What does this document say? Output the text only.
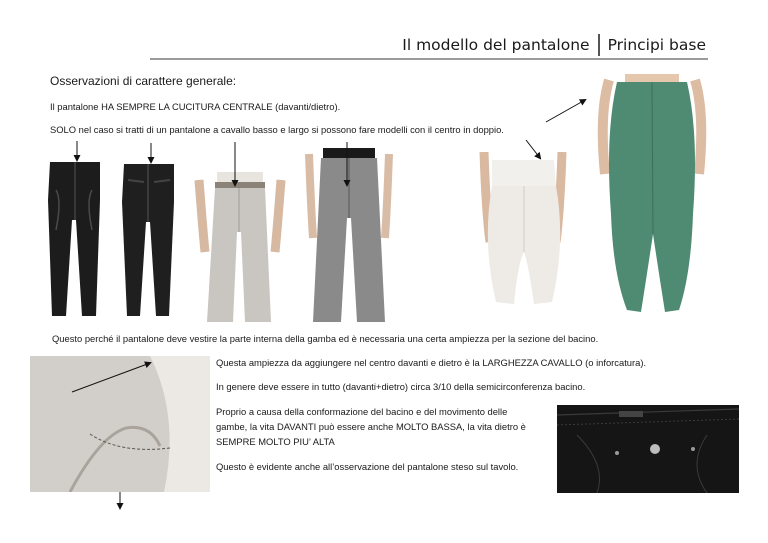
Il modello del pantalone Principi base
Osservazioni di carattere generale:
Il pantalone HA SEMPRE LA CUCITURA CENTRALE (davanti/dietro).
SOLO nel caso si tratti di un pantalone a cavallo basso e largo si possono fare modelli con il centro in doppio.
Questo perché il pantalone deve vestire la parte interna della gamba ed è necessaria una certa ampiezza per la sezione del bacino.
Questa ampiezza da aggiungere nel centro davanti e dietro è la LARGHEZZA CAVALLO (o inforcatura).
In genere deve essere in tutto (davanti+dietro) circa 3/10 della semicirconferenza bacino.
Proprio a causa della conformazione del bacino e del movimento delle
gambe, la vita DAVANTI può essere anche MOLTO BASSA, la vita dietro è
SEMPRE MOLTO PIU’ ALTA
Questo è evidente anche all’osservazione del pantalone steso sul tavolo.
